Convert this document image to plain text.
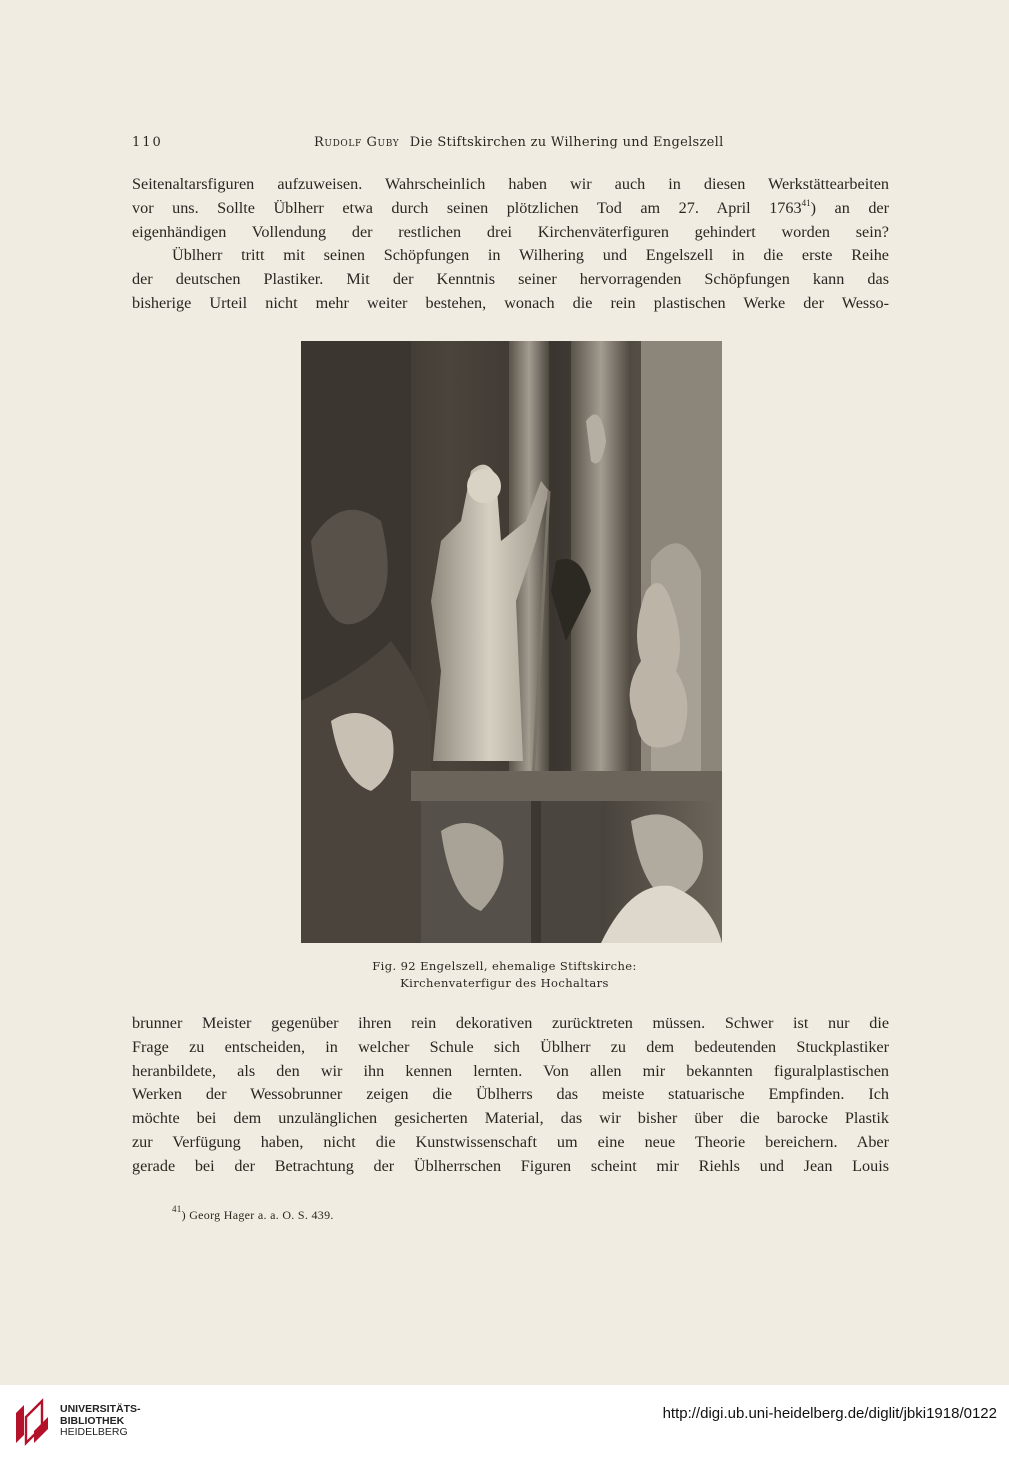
110	Rudolf Guby Die Stiftskirchen zu Wilhering und Engelszell
Seitenaltarsfiguren aufzuweisen. Wahrscheinlich haben wir auch in diesen Werkstättearbeiten
vor uns. Sollte Üblherr etwa durch seinen plötzlichen Tod am 27. April 1763$^{41}$) an der
eigenhändigen Vollendung der restlichen drei Kirchenväterfiguren gehindert worden sein?
Üblherr tritt mit seinen Schöpfungen in Wilhering und Engelszell in die erste Reihe
der deutschen Plastiker. Mit der Kenntnis seiner hervorragenden Schöpfungen kann das
bisherige Urteil nicht mehr weiter bestehen, wonach die rein plastischen Werke der Wesso-
Fig. 92 Engelszell, ehemalige Stiftskirche:
Kirchenvaterfigur des Hochaltars
brunner Meister gegenüber ihren rein dekorativen zurücktreten müssen. Schwer ist nur die
Frage zu entscheiden, in welcher Schule sich Üblherr zu dem bedeutenden Stuckplastiker
heranbildete, als den wir ihn kennen lernten. Von allen mir bekannten figuralplastischen
Werken der Wessobrunner zeigen die Üblherrs das meiste statuarische Empfinden. Ich
möchte bei dem unzulänglichen gesicherten Material, das wir bisher über die barocke Plastik
zur Verfügung haben, nicht die Kunstwissenschaft um eine neue Theorie bereichern. Aber
gerade bei der Betrachtung der Üblherrschen Figuren scheint mir Riehls und Jean Louis
$^{41}$) Georg Hager a. a. O. S. 439.
UNIVERSITÄTS-
BIBLIOTHEK
HEIDELBERG
http://digi.ub.uni-heidelberg.de/diglit/jbki1918/0122
